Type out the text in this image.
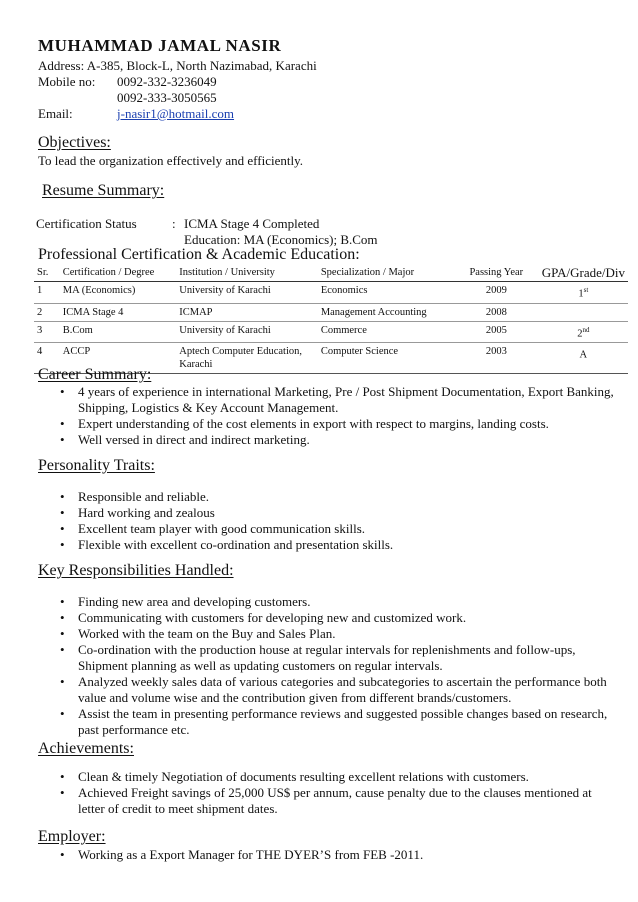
MUHAMMAD JAMAL NASIR
Address: A-385, Block-L, North Nazimabad, Karachi
Mobile no: 0092-332-3236049
0092-333-3050565
Email:	j-nasir1@hotmail.com
Objectives:
To lead the organization effectively and efficiently.
Resume Summary:
Certification Status	: ICMA Stage 4 Completed
Education: MA (Economics); B.Com
Professional Certification & Academic Education:
Sr.	Certification / Degree	Institution / University	Specialization / Major	Passing Year	GPA/Grade/Div
1	MA (Economics)	University of Karachi	Economics	2009	1st
2	ICMA Stage 4	ICMAP	Management Accounting	2008	
3	B.Com	University of Karachi	Commerce	2005	2nd
4	ACCP	Aptech Computer Education, Karachi	Computer Science	2003	A
Career Summary:
• 4 years of experience in international Marketing, Pre / Post Shipment Documentation, Export Banking, Shipping, Logistics & Key Account Management.
• Expert understanding of the cost elements in export with respect to margins, landing costs.
• Well versed in direct and indirect marketing.
Personality Traits:
• Responsible and reliable.
• Hard working and zealous
• Excellent team player with good communication skills.
• Flexible with excellent co-ordination and presentation skills.
Key Responsibilities Handled:
• Finding new area and developing customers.
• Communicating with customers for developing new and customized work.
• Worked with the team on the Buy and Sales Plan.
• Co-ordination with the production house at regular intervals for replenishments and follow-ups, Shipment planning as well as updating customers on regular intervals.
• Analyzed weekly sales data of various categories and subcategories to ascertain the performance both value and volume wise and the contribution given from different brands/customers.
• Assist the team in presenting performance reviews and suggested possible changes based on research, past performance etc.
Achievements:
• Clean & timely Negotiation of documents resulting excellent relations with customers.
• Achieved Freight savings of 25,000 US$ per annum, cause penalty due to the clauses mentioned at letter of credit to meet shipment dates.
Employer:
• Working as a Export Manager for THE DYER’S from FEB -2011.
